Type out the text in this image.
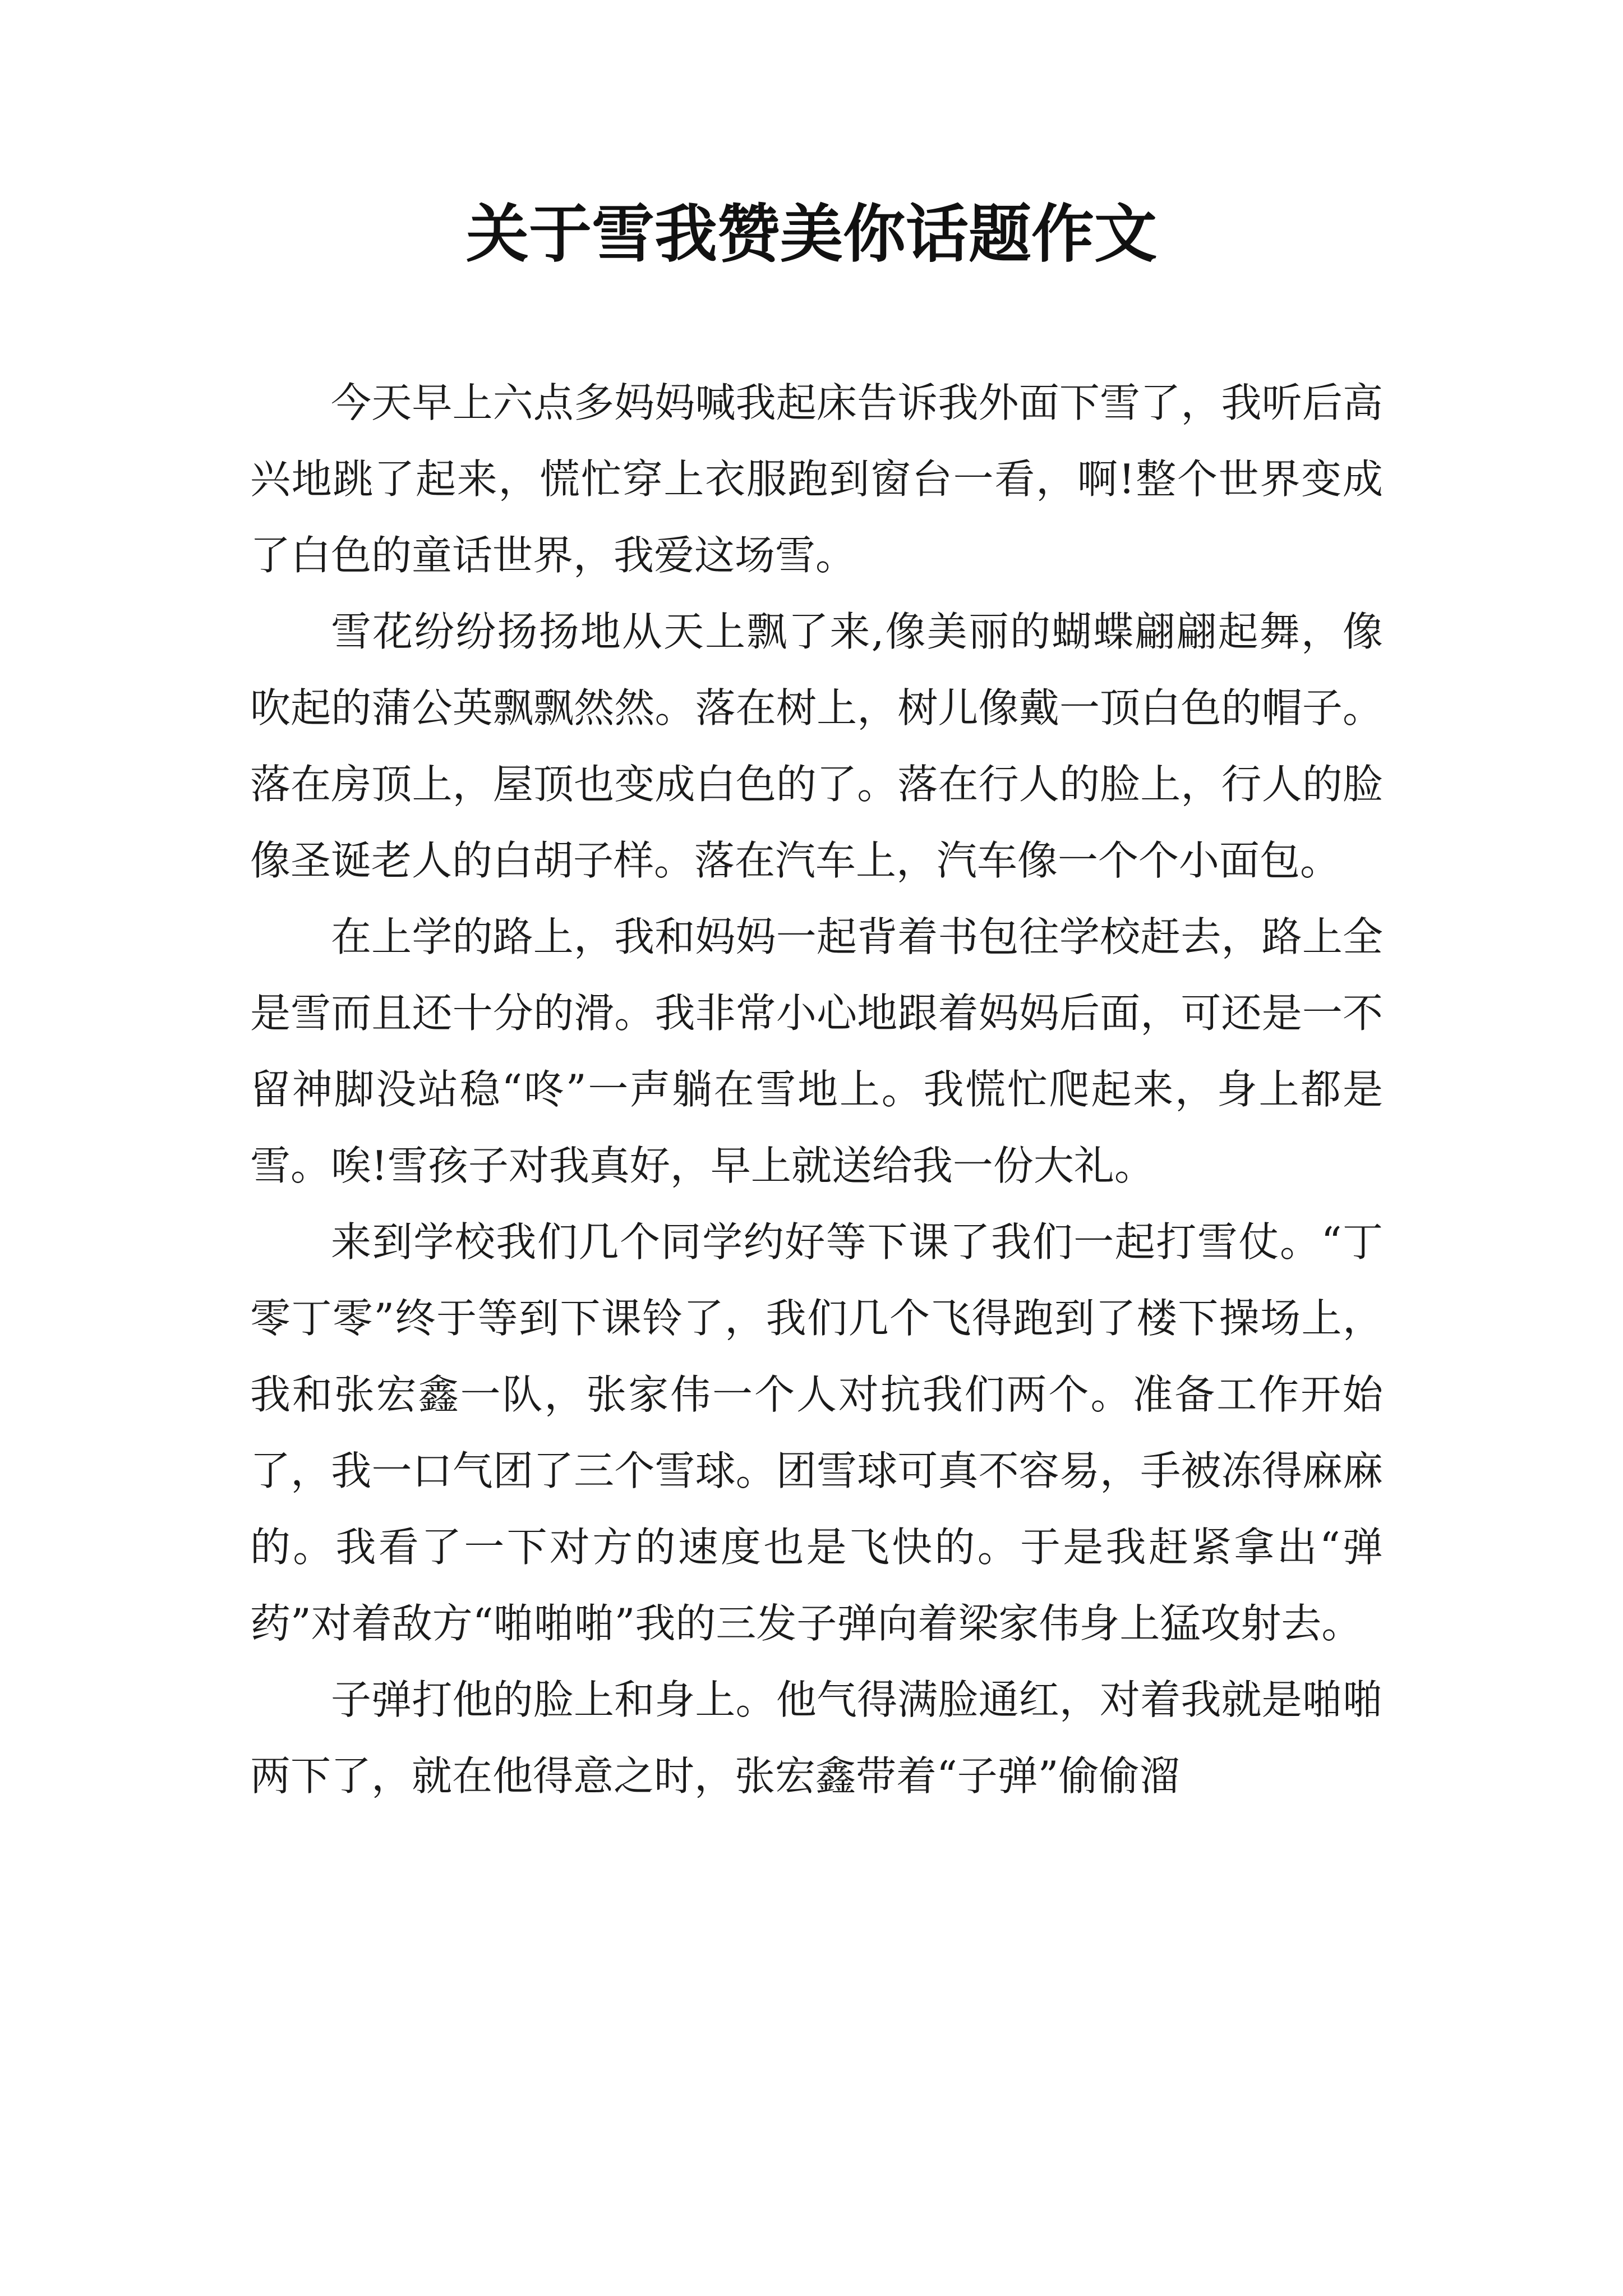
关于雪我赞美你话题作文

今天早上六点多妈妈喊我起床告诉我外面下雪了，我听后高兴地跳了起来，慌忙穿上衣服跑到窗台一看，啊!整个世界变成了白色的童话世界，我爱这场雪。

雪花纷纷扬扬地从天上飘了来,像美丽的蝴蝶翩翩起舞，像吹起的蒲公英飘飘然然。落在树上，树儿像戴一顶白色的帽子。落在房顶上，屋顶也变成白色的了。落在行人的脸上，行人的脸像圣诞老人的白胡子样。落在汽车上，汽车像一个个小面包。

在上学的路上，我和妈妈一起背着书包往学校赶去，路上全是雪而且还十分的滑。我非常小心地跟着妈妈后面，可还是一不留神脚没站稳“咚”一声躺在雪地上。我慌忙爬起来，身上都是雪。唉!雪孩子对我真好，早上就送给我一份大礼。

来到学校我们几个同学约好等下课了我们一起打雪仗。“丁零丁零”终于等到下课铃了，我们几个飞得跑到了楼下操场上，我和张宏鑫一队，张家伟一个人对抗我们两个。准备工作开始了，我一口气团了三个雪球。团雪球可真不容易，手被冻得麻麻的。我看了一下对方的速度也是飞快的。于是我赶紧拿出“弹药”对着敌方“啪啪啪”我的三发子弹向着梁家伟身上猛攻射去。

子弹打他的脸上和身上。他气得满脸通红，对着我就是啪啪两下了，就在他得意之时，张宏鑫带着“子弹”偷偷溜
